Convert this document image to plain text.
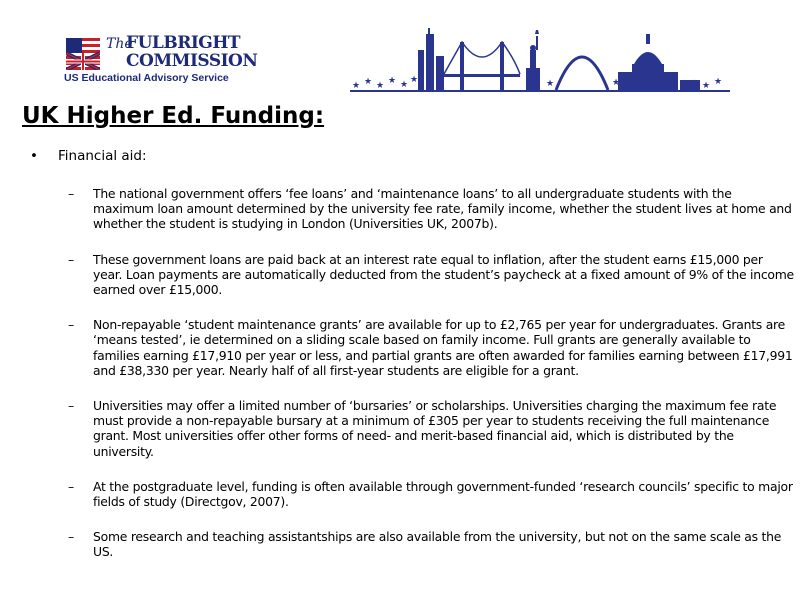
The
FULBRIGHT
COMMISSION
US Educational Advisory Service
★ ★ ★ ★ ★ ★	★	★	★ ★ ★
UK Higher Ed. Funding:
• Financial aid:
– The national government offers ‘fee loans’ and ‘maintenance loans’ to all undergraduate students with the maximum loan amount determined by the university fee rate, family income, whether the student lives at home and whether the student is studying in London (Universities UK, 2007b).
– These government loans are paid back at an interest rate equal to inflation, after the student earns £15,000 per year. Loan payments are automatically deducted from the student’s paycheck at a fixed amount of 9% of the income earned over £15,000.
– Non-repayable ‘student maintenance grants’ are available for up to £2,765 per year for undergraduates. Grants are ‘means tested’, ie determined on a sliding scale based on family income. Full grants are generally available to families earning £17,910 per year or less, and partial grants are often awarded for families earning between £17,991 and £38,330 per year. Nearly half of all first-year students are eligible for a grant.
– Universities may offer a limited number of ‘bursaries’ or scholarships. Universities charging the maximum fee rate must provide a non-repayable bursary at a minimum of £305 per year to students receiving the full maintenance grant. Most universities offer other forms of need- and merit-based financial aid, which is distributed by the university.
– At the postgraduate level, funding is often available through government-funded ‘research councils’ specific to major fields of study (Directgov, 2007).
– Some research and teaching assistantships are also available from the university, but not on the same scale as the US.
